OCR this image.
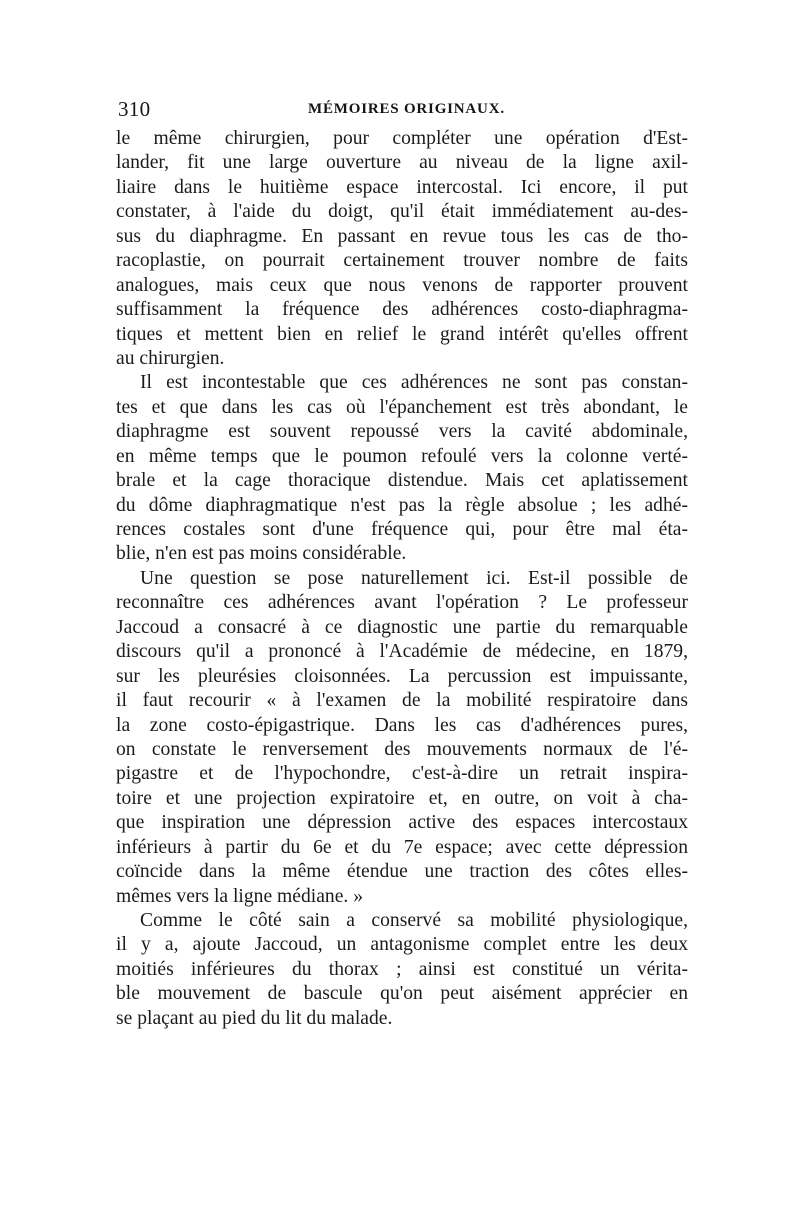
310	MÉMOIRES ORIGINAUX.
le même chirurgien, pour compléter une opération d'Est-
lander, fit une large ouverture au niveau de la ligne axil-
liaire dans le huitième espace intercostal. Ici encore, il put
constater, à l'aide du doigt, qu'il était immédiatement au-des-
sus du diaphragme. En passant en revue tous les cas de tho-
racoplastie, on pourrait certainement trouver nombre de faits
analogues, mais ceux que nous venons de rapporter prouvent
suffisamment la fréquence des adhérences costo-diaphragma-
tiques et mettent bien en relief le grand intérêt qu'elles offrent
au chirurgien.
Il est incontestable que ces adhérences ne sont pas constan-
tes et que dans les cas où l'épanchement est très abondant, le
diaphragme est souvent repoussé vers la cavité abdominale,
en même temps que le poumon refoulé vers la colonne verté-
brale et la cage thoracique distendue. Mais cet aplatissement
du dôme diaphragmatique n'est pas la règle absolue ; les adhé-
rences costales sont d'une fréquence qui, pour être mal éta-
blie, n'en est pas moins considérable.
Une question se pose naturellement ici. Est-il possible de
reconnaître ces adhérences avant l'opération ? Le professeur
Jaccoud a consacré à ce diagnostic une partie du remarquable
discours qu'il a prononcé à l'Académie de médecine, en 1879,
sur les pleurésies cloisonnées. La percussion est impuissante,
il faut recourir « à l'examen de la mobilité respiratoire dans
la zone costo-épigastrique. Dans les cas d'adhérences pures,
on constate le renversement des mouvements normaux de l'é-
pigastre et de l'hypochondre, c'est-à-dire un retrait inspira-
toire et une projection expiratoire et, en outre, on voit à cha-
que inspiration une dépression active des espaces intercostaux
inférieurs à partir du 6e et du 7e espace; avec cette dépression
coïncide dans la même étendue une traction des côtes elles-
mêmes vers la ligne médiane. »
Comme le côté sain a conservé sa mobilité physiologique,
il y a, ajoute Jaccoud, un antagonisme complet entre les deux
moitiés inférieures du thorax ; ainsi est constitué un vérita-
ble mouvement de bascule qu'on peut aisément apprécier en
se plaçant au pied du lit du malade.
